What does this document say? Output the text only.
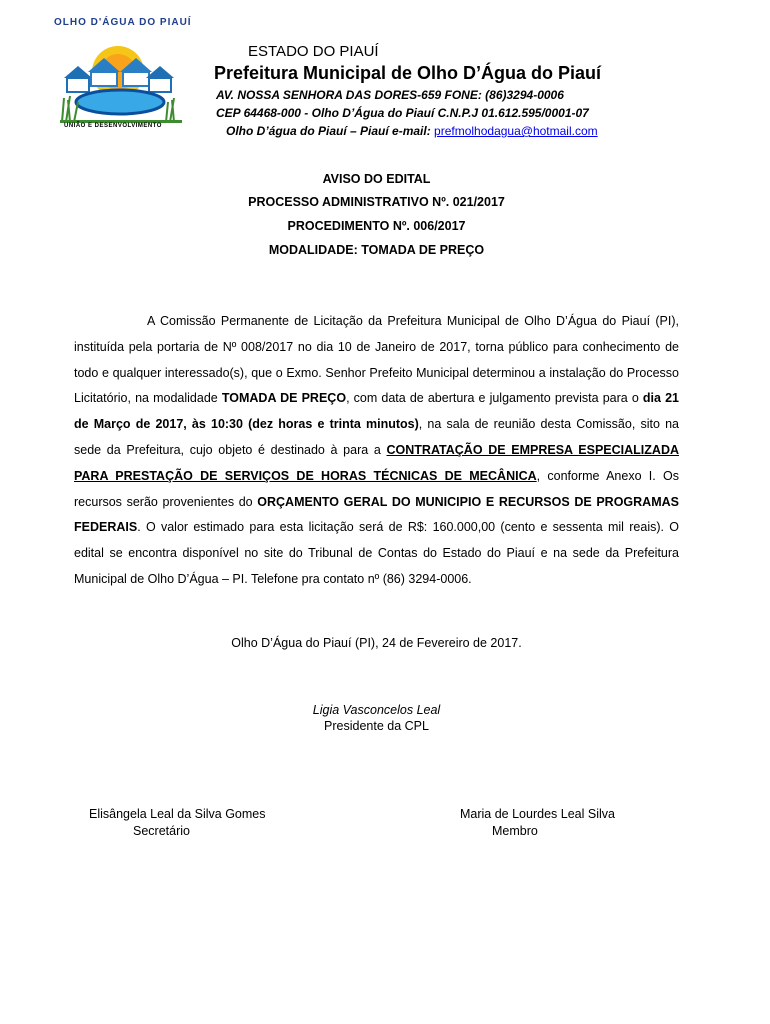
OLHO D'ÁGUA DO PIAUÍ
UNIÃO E DESENVOLVIMENTO
ESTADO DO PIAUÍ
Prefeitura Municipal de Olho D’Água do Piauí
AV. NOSSA SENHORA DAS DORES-659 FONE: (86)3294-0006
CEP 64468-000 - Olho D’Água do Piauí C.N.P.J 01.612.595/0001-07
Olho D’água do Piauí – Piauí e-mail: prefmolhodagua@hotmail.com
AVISO DO EDITAL
PROCESSO ADMINISTRATIVO Nº. 021/2017
PROCEDIMENTO Nº. 006/2017
MODALIDADE: TOMADA DE PREÇO
A Comissão Permanente de Licitação da Prefeitura Municipal de Olho D’Água do Piauí (PI), instituída pela portaria de Nº 008/2017 no dia 10 de Janeiro de 2017, torna público para conhecimento de todo e qualquer interessado(s), que o Exmo. Senhor Prefeito Municipal determinou a instalação do Processo Licitatório, na modalidade TOMADA DE PREÇO, com data de abertura e julgamento prevista para o dia 21 de Março de 2017, às 10:30 (dez horas e trinta minutos), na sala de reunião desta Comissão, sito na sede da Prefeitura, cujo objeto é destinado à para a CONTRATAÇÃO DE EMPRESA ESPECIALIZADA PARA PRESTAÇÃO DE SERVIÇOS DE HORAS TÉCNICAS DE MECÂNICA, conforme Anexo I. Os recursos serão provenientes do ORÇAMENTO GERAL DO MUNICIPIO E RECURSOS DE PROGRAMAS FEDERAIS. O valor estimado para esta licitação será de R$: 160.000,00 (cento e sessenta mil reais). O edital se encontra disponível no site do Tribunal de Contas do Estado do Piauí e na sede da Prefeitura Municipal de Olho D’Água – PI. Telefone pra contato nº (86) 3294-0006.
Olho D’Água do Piauí (PI), 24 de Fevereiro de 2017.
Ligia Vasconcelos Leal
Presidente da CPL
Elisângela Leal da Silva Gomes
Secretário
Maria de Lourdes Leal Silva
Membro
